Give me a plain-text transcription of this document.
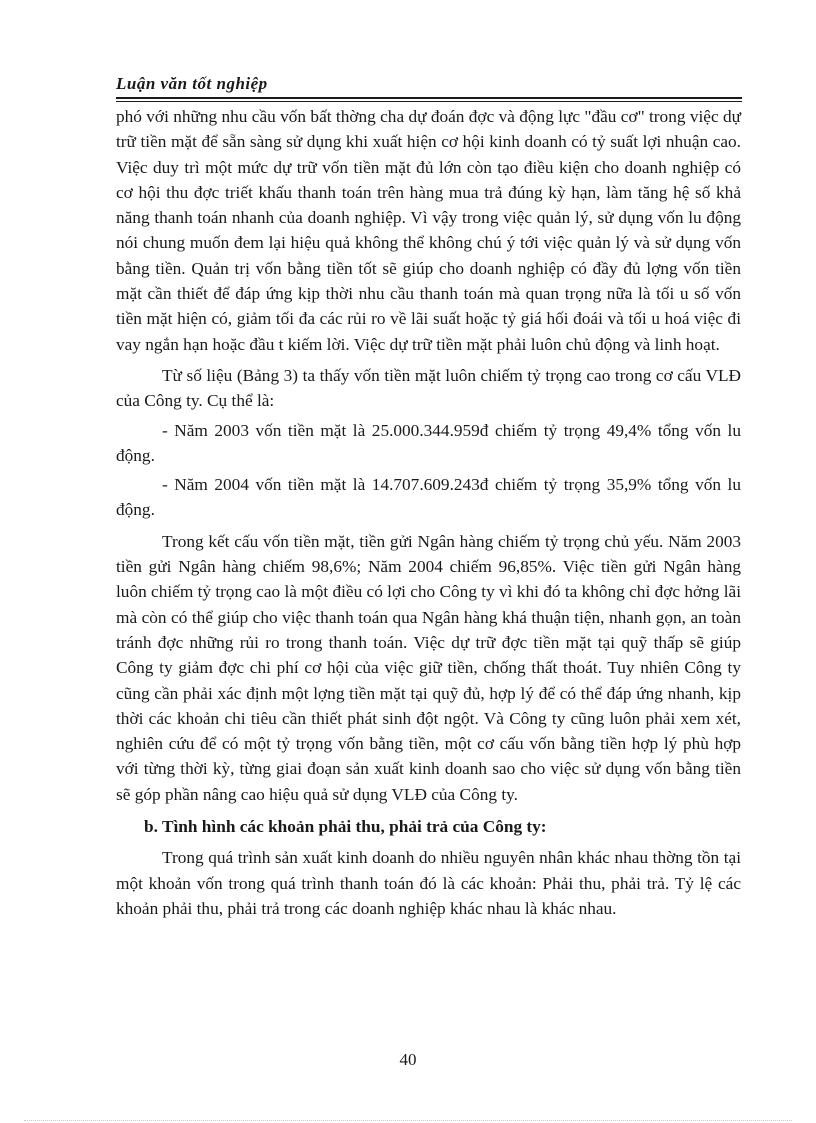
Luận văn tốt nghiệp

phó với những nhu cầu vốn bất thờng cha dự đoán đợc và động lực "đầu cơ" trong việc dự trữ tiền mặt để sẵn sàng sử dụng khi xuất hiện cơ hội kinh doanh có tỷ suất lợi nhuận cao. Việc duy trì một mức dự trữ vốn tiền mặt đủ lớn còn tạo điều kiện cho doanh nghiệp có cơ hội thu đợc triết khấu thanh toán trên hàng mua trả đúng kỳ hạn, làm tăng hệ số khả năng thanh toán nhanh của doanh nghiệp. Vì vậy trong việc quản lý, sử dụng vốn lu động nói chung muốn đem lại hiệu quả không thể không chú ý tới việc quản lý và sử dụng vốn bằng tiền. Quản trị vốn bằng tiền tốt sẽ giúp cho doanh nghiệp có đầy đủ lợng vốn tiền mặt cần thiết để đáp ứng kịp thời nhu cầu thanh toán mà quan trọng nữa là tối u số vốn tiền mặt hiện có, giảm tối đa các rủi ro về lãi suất hoặc tỷ giá hối đoái và tối u hoá việc đi vay ngắn hạn hoặc đầu t kiếm lời. Việc dự trữ tiền mặt phải luôn chủ động và linh hoạt.

Từ số liệu (Bảng 3) ta thấy vốn tiền mặt luôn chiếm tỷ trọng cao trong cơ cấu VLĐ của Công ty. Cụ thể là:

- Năm 2003 vốn tiền mặt là 25.000.344.959đ chiếm tỷ trọng 49,4% tổng vốn lu động.

- Năm 2004 vốn tiền mặt là 14.707.609.243đ chiếm tỷ trọng 35,9% tổng vốn lu động.

Trong kết cấu vốn tiền mặt, tiền gửi Ngân hàng chiếm tỷ trọng chủ yếu. Năm 2003 tiền gửi Ngân hàng chiếm 98,6%; Năm 2004 chiếm 96,85%. Việc tiền gửi Ngân hàng luôn chiếm tỷ trọng cao là một điều có lợi cho Công ty vì khi đó ta không chỉ đợc hởng lãi mà còn có thể giúp cho việc thanh toán qua Ngân hàng khá thuận tiện, nhanh gọn, an toàn tránh đợc những rủi ro trong thanh toán. Việc dự trữ đợc tiền mặt tại quỹ thấp sẽ giúp Công ty giảm đợc chi phí cơ hội của việc giữ tiền, chống thất thoát. Tuy nhiên Công ty cũng cần phải xác định một lợng tiền mặt tại quỹ đủ, hợp lý để có thể đáp ứng nhanh, kịp thời các khoản chi tiêu cần thiết phát sinh đột ngột. Và Công ty cũng luôn phải xem xét, nghiên cứu để có một tỷ trọng vốn bằng tiền, một cơ cấu vốn bằng tiền hợp lý phù hợp với từng thời kỳ, từng giai đoạn sản xuất kinh doanh sao cho việc sử dụng vốn bằng tiền sẽ góp phần nâng cao hiệu quả sử dụng VLĐ của Công ty.

b. Tình hình các khoản phải thu, phải trả của Công ty:

Trong quá trình sản xuất kinh doanh do nhiều nguyên nhân khác nhau thờng tồn tại một khoản vốn trong quá trình thanh toán đó là các khoản: Phải thu, phải trả. Tỷ lệ các khoản phải thu, phải trả trong các doanh nghiệp khác nhau là khác nhau.

40
